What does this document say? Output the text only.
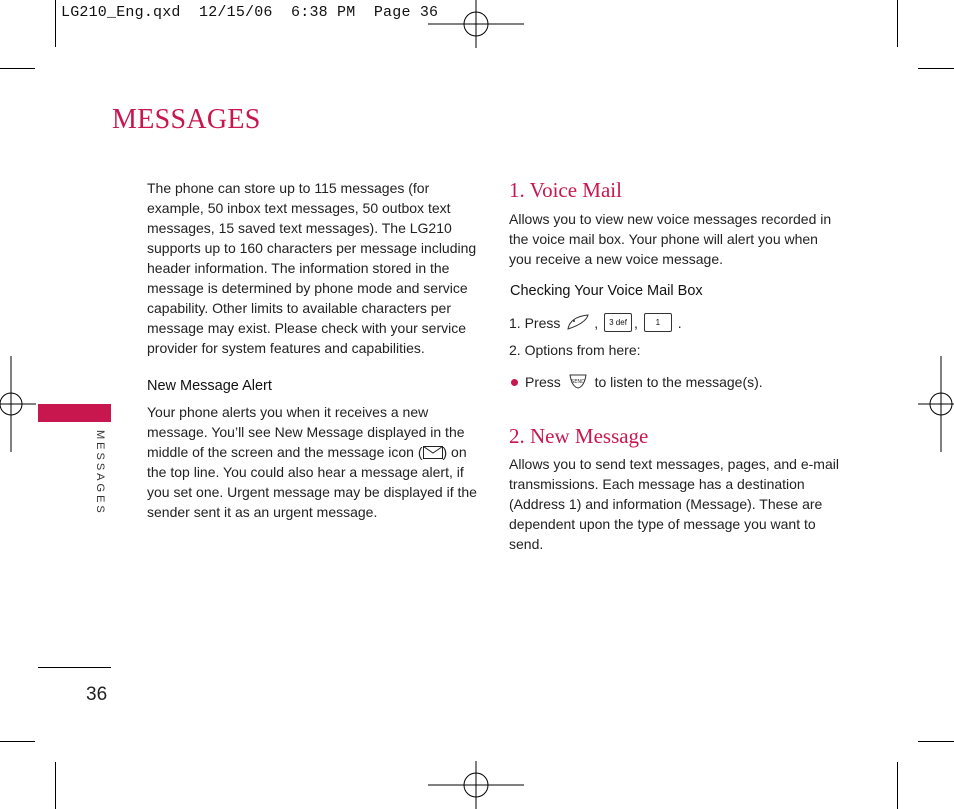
LG210_Eng.qxd  12/15/06  6:38 PM  Page 36
MESSAGES
MESSAGES
36

The phone can store up to 115 messages (for

example, 50 inbox text messages, 50 outbox text

messages, 15 saved text messages). The LG210

supports up to 160 characters per message including

header information. The information stored in the

message is determined by phone mode and service

capability. Other limits to available characters per

message may exist. Please check with your service

provider for system features and capabilities.

New Message Alert

Your phone alerts you when it receives a new

message. You’ll see New Message displayed in the

middle of the screen and the message icon ( ) on

the top line. You could also hear a message alert, if

you set one. Urgent message may be displayed if the

sender sent it as an urgent message.

1. Voice Mail

Allows you to view new voice messages recorded in

the voice mail box. Your phone will alert you when

you receive a new voice message.

Checking Your Voice Mail Box
1. Press , 3 def , 1 .
2. Options from here:
Press SEND to listen to the message(s).
2. New Message

Allows you to send text messages, pages, and e-mail

transmissions. Each message has a destination

(Address 1) and information (Message). These are

dependent upon the type of message you want to

send.
